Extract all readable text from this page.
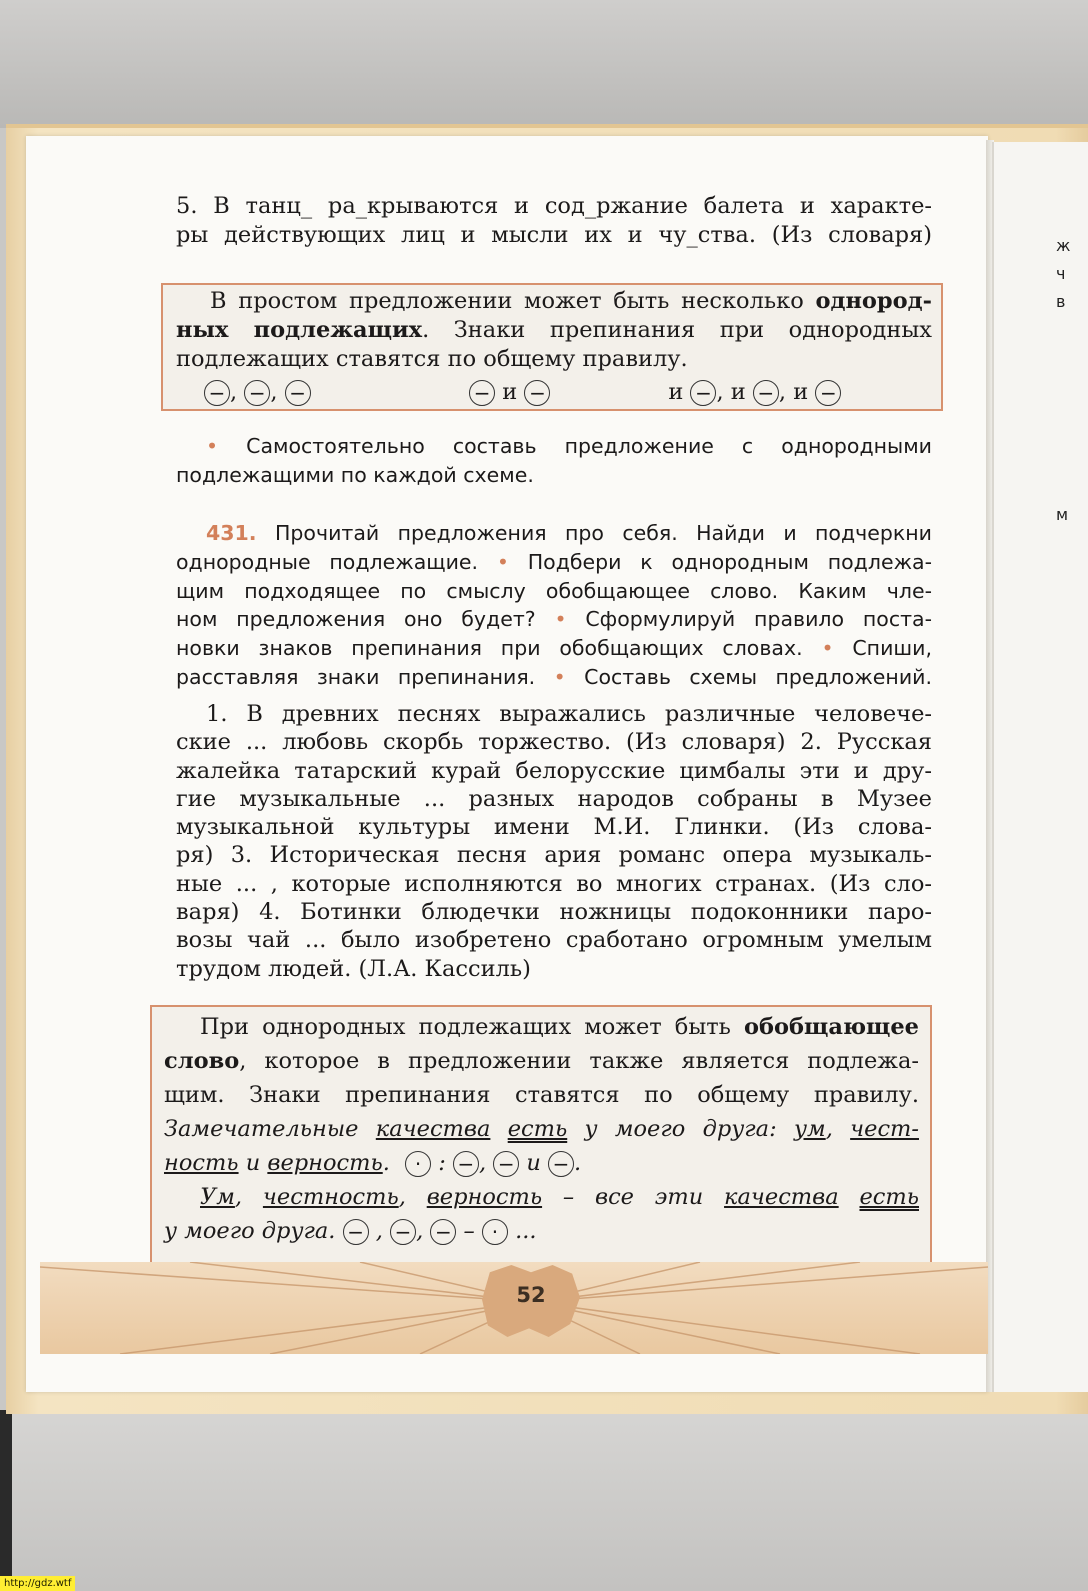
ж
ч
в
м
5. В танц_ ра_крываются и сод_ржание балета и характе-
ры действующих лиц и мысли их и чу_ства. (Из словаря)
В простом предложении может быть несколько однород-
ных подлежащих. Знаки препинания при однородных
подлежащих ставятся по общему правилу.
− , − , −	− и −	и − , и − , и −
• Самостоятельно составь предложение с однородными
подлежащими по каждой схеме.
431. Прочитай предложения про себя. Найди и подчеркни
однородные подлежащие. • Подбери к однородным подлежа-
щим подходящее по смыслу обобщающее слово. Каким чле-
ном предложения оно будет? • Сформулируй правило поста-
новки знаков препинания при обобщающих словах. • Спиши,
расставляя знаки препинания. • Составь схемы предложений.
1. В древних песнях выражались различные человече-
ские ... любовь скорбь торжество. (Из словаря) 2. Русская
жалейка татарский курай белорусские цимбалы эти и дру-
гие музыкальные ... разных народов собраны в Музее
музыкальной культуры имени М.И. Глинки. (Из слова-
ря) 3. Историческая песня ария романс опера музыкаль-
ные ... , которые исполняются во многих странах. (Из сло-
варя) 4. Ботинки блюдечки ножницы подоконники паро-
возы чай ... было изобретено сработано огромным умелым
трудом людей. (Л.А. Кассиль)
При однородных подлежащих может быть обобщающее
слово, которое в предложении также является подлежа-
щим. Знаки препинания ставятся по общему правилу.
Замечательные качества есть у моего друга: ум, чест-
ность и верность. · : − , − и − .
Ум, честность, верность – все эти качества есть
у моего друга. − , − , − – · ...
52
http://gdz.wtf
